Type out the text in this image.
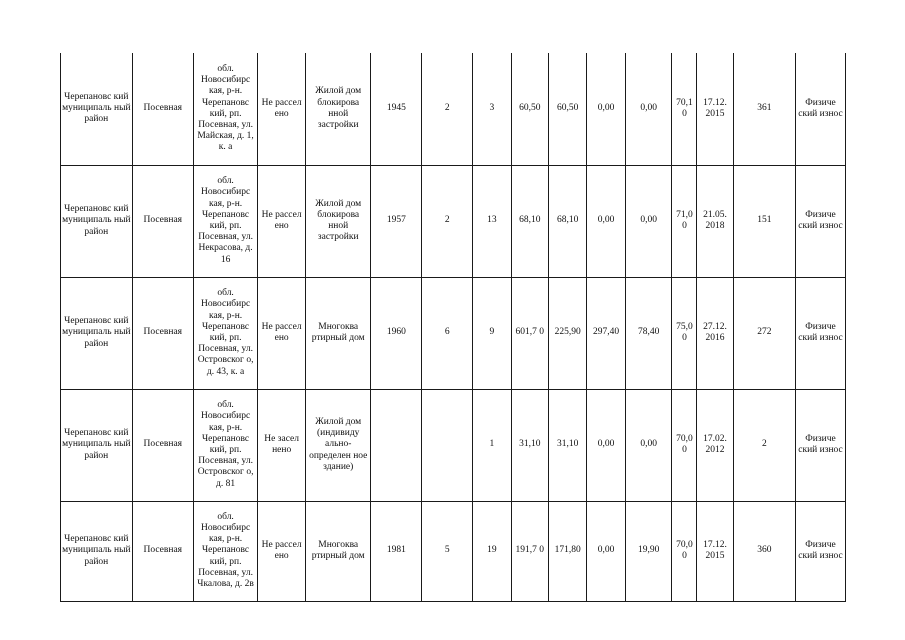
Черепановс кий муниципаль ный район	Посевная	обл. Новосибирс кая, р-н. Черепановс кий, рп. Посевная, ул. Майская, д. 1, к. а	Не рассел ено	Жилой дом блокирова нной застройки	1945	2	3	60,50	60,50	0,00	0,00	70,1 0	17.12. 2015	361	Физиче ский износ
Черепановс кий муниципаль ный район	Посевная	обл. Новосибирс кая, р-н. Черепановс кий, рп. Посевная, ул. Некрасова, д. 16	Не рассел ено	Жилой дом блокирова нной застройки	1957	2	13	68,10	68,10	0,00	0,00	71,0 0	21.05. 2018	151	Физиче ский износ
Черепановс кий муниципаль ный район	Посевная	обл. Новосибирс кая, р-н. Черепановс кий, рп. Посевная, ул. Островског о, д. 43, к. а	Не рассел ено	Многоква ртирный дом	1960	6	9	601,7 0	225,90	297,40	78,40	75,0 0	27.12. 2016	272	Физиче ский износ
Черепановс кий муниципаль ный район	Посевная	обл. Новосибирс кая, р-н. Черепановс кий, рп. Посевная, ул. Островског о, д. 81	Не засел нено	Жилой дом (индивиду ально- определен ное здание)			1	31,10	31,10	0,00	0,00	70,0 0	17.02. 2012	2	Физиче ский износ
Черепановс кий муниципаль ный район	Посевная	обл. Новосибирс кая, р-н. Черепановс кий, рп. Посевная, ул. Чкалова, д. 2в	Не рассел ено	Многоква ртирный дом	1981	5	19	191,7 0	171,80	0,00	19,90	70,0 0	17.12. 2015	360	Физиче ский износ
